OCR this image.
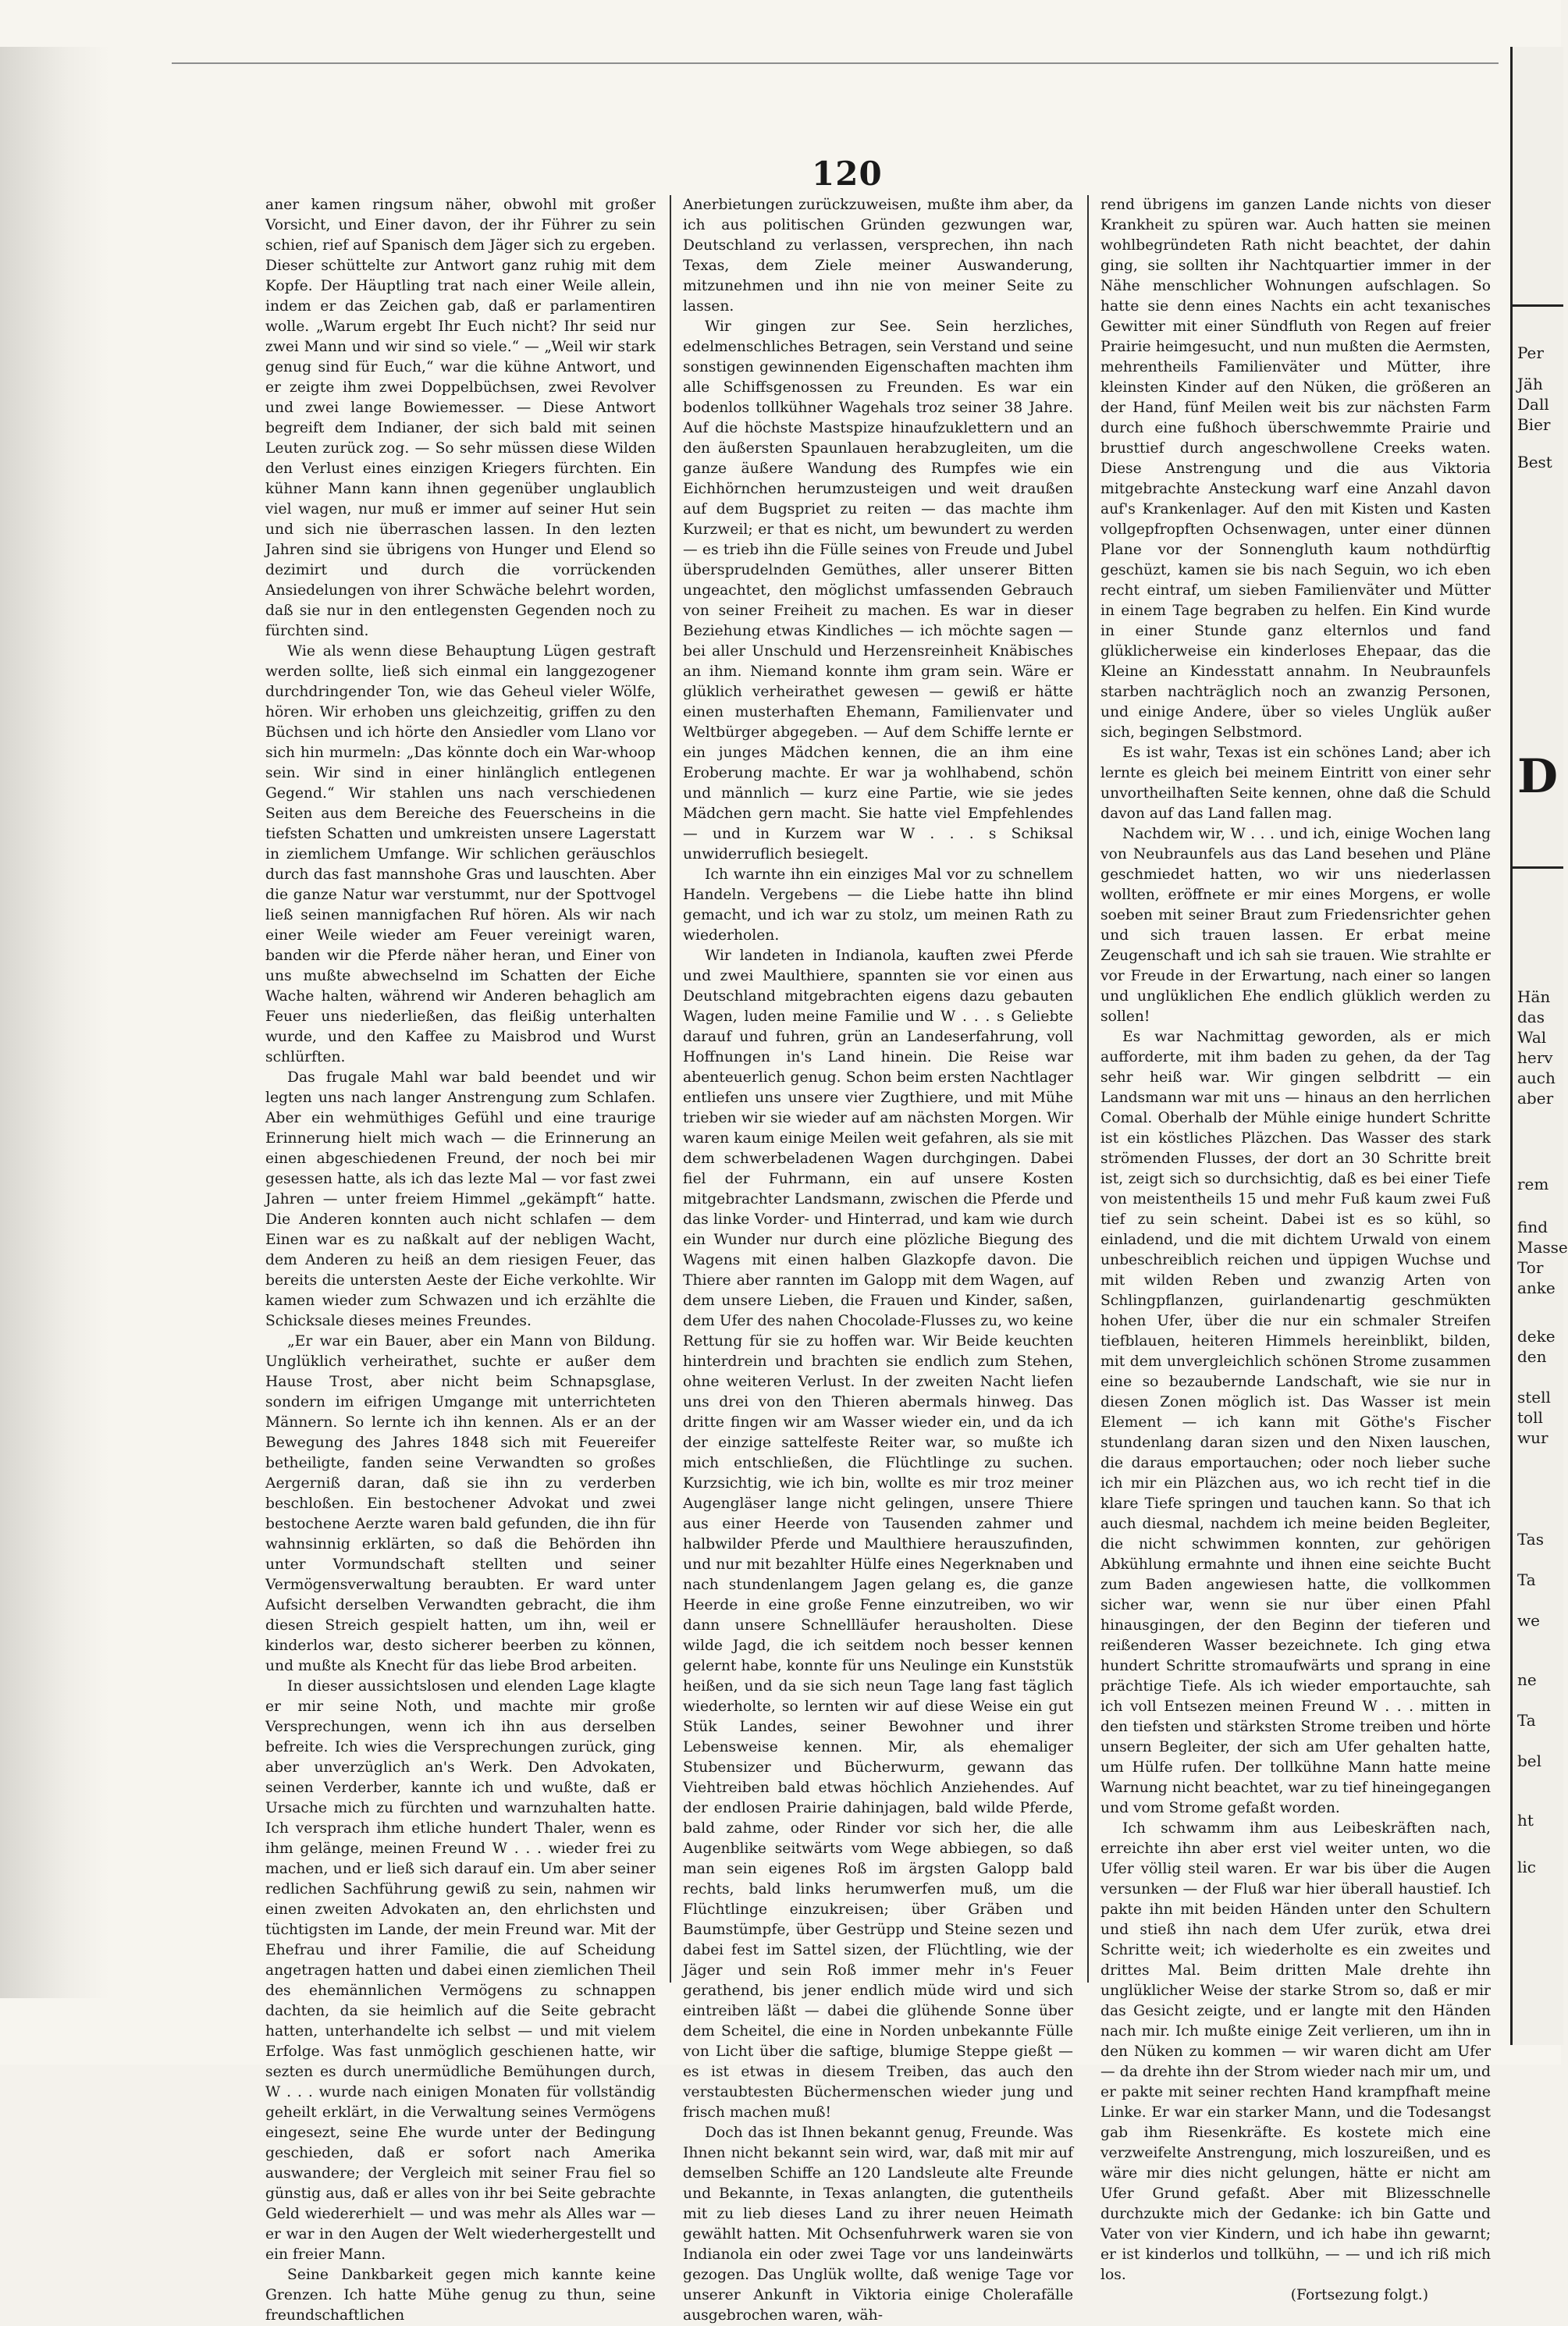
120

aner kamen ringsum näher, obwohl mit großer Vorsicht, und Einer davon, der ihr Führer zu sein schien, rief auf Spanisch dem Jäger sich zu ergeben. Dieser schüttelte zur Antwort ganz ruhig mit dem Kopfe. Der Häuptling trat nach einer Weile allein, indem er das Zeichen gab, daß er parlamentiren wolle. „Warum ergebt Ihr Euch nicht? Ihr seid nur zwei Mann und wir sind so viele.“ — „Weil wir stark genug sind für Euch,“ war die kühne Antwort, und er zeigte ihm zwei Doppelbüchsen, zwei Revolver und zwei lange Bowiemesser. — Diese Antwort begreift dem Indianer, der sich bald mit seinen Leuten zurück zog. — So sehr müssen diese Wilden den Verlust eines einzigen Kriegers fürchten. Ein kühner Mann kann ihnen gegenüber unglaublich viel wagen, nur muß er immer auf seiner Hut sein und sich nie überraschen lassen. In den lezten Jahren sind sie übrigens von Hunger und Elend so dezimirt und durch die vorrückenden Ansiedelungen von ihrer Schwäche belehrt worden, daß sie nur in den entlegensten Gegenden noch zu fürchten sind.

Wie als wenn diese Behauptung Lügen gestraft werden sollte, ließ sich einmal ein langgezogener durchdringender Ton, wie das Geheul vieler Wölfe, hören. Wir erhoben uns gleichzeitig, griffen zu den Büchsen und ich hörte den Ansiedler vom Llano vor sich hin murmeln: „Das könnte doch ein War-whoop sein. Wir sind in einer hinlänglich entlegenen Gegend.“ Wir stahlen uns nach verschiedenen Seiten aus dem Bereiche des Feuerscheins in die tiefsten Schatten und umkreisten unsere Lagerstatt in ziemlichem Umfange. Wir schlichen geräuschlos durch das fast mannshohe Gras und lauschten. Aber die ganze Natur war verstummt, nur der Spottvogel ließ seinen mannigfachen Ruf hören. Als wir nach einer Weile wieder am Feuer vereinigt waren, banden wir die Pferde näher heran, und Einer von uns mußte abwechselnd im Schatten der Eiche Wache halten, während wir Anderen behaglich am Feuer uns niederließen, das fleißig unterhalten wurde, und den Kaffee zu Maisbrod und Wurst schlürften.

Das frugale Mahl war bald beendet und wir legten uns nach langer Anstrengung zum Schlafen. Aber ein wehmüthiges Gefühl und eine traurige Erinnerung hielt mich wach — die Erinnerung an einen abgeschiedenen Freund, der noch bei mir gesessen hatte, als ich das lezte Mal — vor fast zwei Jahren — unter freiem Himmel „gekämpft“ hatte. Die Anderen konnten auch nicht schlafen — dem Einen war es zu naßkalt auf der nebligen Wacht, dem Anderen zu heiß an dem riesigen Feuer, das bereits die untersten Aeste der Eiche verkohlte. Wir kamen wieder zum Schwazen und ich erzählte die Schicksale dieses meines Freundes.

„Er war ein Bauer, aber ein Mann von Bildung. Unglüklich verheirathet, suchte er außer dem Hause Trost, aber nicht beim Schnapsglase, sondern im eifrigen Umgange mit unterrichteten Männern. So lernte ich ihn kennen. Als er an der Bewegung des Jahres 1848 sich mit Feuereifer betheiligte, fanden seine Verwandten so großes Aergerniß daran, daß sie ihn zu verderben beschloßen. Ein bestochener Advokat und zwei bestochene Aerzte waren bald gefunden, die ihn für wahnsinnig erklärten, so daß die Behörden ihn unter Vormundschaft stellten und seiner Vermögensverwaltung beraubten. Er ward unter Aufsicht derselben Verwandten gebracht, die ihm diesen Streich gespielt hatten, um ihn, weil er kinderlos war, desto sicherer beerben zu können, und mußte als Knecht für das liebe Brod arbeiten.

In dieser aussichtslosen und elenden Lage klagte er mir seine Noth, und machte mir große Versprechungen, wenn ich ihn aus derselben befreite. Ich wies die Versprechungen zurück, ging aber unverzüglich an's Werk. Den Advokaten, seinen Verderber, kannte ich und wußte, daß er Ursache mich zu fürchten und warnzuhalten hatte. Ich versprach ihm etliche hundert Thaler, wenn es ihm gelänge, meinen Freund W . . . wieder frei zu machen, und er ließ sich darauf ein. Um aber seiner redlichen Sachführung gewiß zu sein, nahmen wir einen zweiten Advokaten an, den ehrlichsten und tüchtigsten im Lande, der mein Freund war. Mit der Ehefrau und ihrer Familie, die auf Scheidung angetragen hatten und dabei einen ziemlichen Theil des ehemännlichen Vermögens zu schnappen dachten, da sie heimlich auf die Seite gebracht hatten, unterhandelte ich selbst — und mit vielem Erfolge. Was fast unmöglich geschienen hatte, wir sezten es durch unermüdliche Bemühungen durch, W . . . wurde nach einigen Monaten für vollständig geheilt erklärt, in die Verwaltung seines Vermögens eingesezt, seine Ehe wurde unter der Bedingung geschieden, daß er sofort nach Amerika auswandere; der Vergleich mit seiner Frau fiel so günstig aus, daß er alles von ihr bei Seite gebrachte Geld wiedererhielt — und was mehr als Alles war — er war in den Augen der Welt wiederhergestellt und ein freier Mann.

Seine Dankbarkeit gegen mich kannte keine Grenzen. Ich hatte Mühe genug zu thun, seine freundschaftlichen

Anerbietungen zurückzuweisen, mußte ihm aber, da ich aus politischen Gründen gezwungen war, Deutschland zu verlassen, versprechen, ihn nach Texas, dem Ziele meiner Auswanderung, mitzunehmen und ihn nie von meiner Seite zu lassen.

Wir gingen zur See. Sein herzliches, edelmenschliches Betragen, sein Verstand und seine sonstigen gewinnenden Eigenschaften machten ihm alle Schiffsgenossen zu Freunden. Es war ein bodenlos tollkühner Wagehals troz seiner 38 Jahre. Auf die höchste Mastspize hinaufzuklettern und an den äußersten Spaunlauen herabzugleiten, um die ganze äußere Wandung des Rumpfes wie ein Eichhörnchen herumzusteigen und weit draußen auf dem Bugspriet zu reiten — das machte ihm Kurzweil; er that es nicht, um bewundert zu werden — es trieb ihn die Fülle seines von Freude und Jubel übersprudelnden Gemüthes, aller unserer Bitten ungeachtet, den möglichst umfassenden Gebrauch von seiner Freiheit zu machen. Es war in dieser Beziehung etwas Kindliches — ich möchte sagen — bei aller Unschuld und Herzensreinheit Knäbisches an ihm. Niemand konnte ihm gram sein. Wäre er glüklich verheirathet gewesen — gewiß er hätte einen musterhaften Ehemann, Familienvater und Weltbürger abgegeben. — Auf dem Schiffe lernte er ein junges Mädchen kennen, die an ihm eine Eroberung machte. Er war ja wohlhabend, schön und männlich — kurz eine Partie, wie sie jedes Mädchen gern macht. Sie hatte viel Empfehlendes — und in Kurzem war W . . . s Schiksal unwiderruflich besiegelt.

Ich warnte ihn ein einziges Mal vor zu schnellem Handeln. Vergebens — die Liebe hatte ihn blind gemacht, und ich war zu stolz, um meinen Rath zu wiederholen.

Wir landeten in Indianola, kauften zwei Pferde und zwei Maulthiere, spannten sie vor einen aus Deutschland mitgebrachten eigens dazu gebauten Wagen, luden meine Familie und W . . . s Geliebte darauf und fuhren, grün an Landeserfahrung, voll Hoffnungen in's Land hinein. Die Reise war abenteuerlich genug. Schon beim ersten Nachtlager entliefen uns unsere vier Zugthiere, und mit Mühe trieben wir sie wieder auf am nächsten Morgen. Wir waren kaum einige Meilen weit gefahren, als sie mit dem schwerbeladenen Wagen durchgingen. Dabei fiel der Fuhrmann, ein auf unsere Kosten mitgebrachter Landsmann, zwischen die Pferde und das linke Vorder- und Hinterrad, und kam wie durch ein Wunder nur durch eine plözliche Biegung des Wagens mit einen halben Glazkopfe davon. Die Thiere aber rannten im Galopp mit dem Wagen, auf dem unsere Lieben, die Frauen und Kinder, saßen, dem Ufer des nahen Chocolade-Flusses zu, wo keine Rettung für sie zu hoffen war. Wir Beide keuchten hinterdrein und brachten sie endlich zum Stehen, ohne weiteren Verlust. In der zweiten Nacht liefen uns drei von den Thieren abermals hinweg. Das dritte fingen wir am Wasser wieder ein, und da ich der einzige sattelfeste Reiter war, so mußte ich mich entschließen, die Flüchtlinge zu suchen. Kurzsichtig, wie ich bin, wollte es mir troz meiner Augengläser lange nicht gelingen, unsere Thiere aus einer Heerde von Tausenden zahmer und halbwilder Pferde und Maulthiere herauszufinden, und nur mit bezahlter Hülfe eines Negerknaben und nach stundenlangem Jagen gelang es, die ganze Heerde in eine große Fenne einzutreiben, wo wir dann unsere Schnellläufer herausholten. Diese wilde Jagd, die ich seitdem noch besser kennen gelernt habe, konnte für uns Neulinge ein Kunststük heißen, und da sie sich neun Tage lang fast täglich wiederholte, so lernten wir auf diese Weise ein gut Stük Landes, seiner Bewohner und ihrer Lebensweise kennen. Mir, als ehemaliger Stubensizer und Bücherwurm, gewann das Viehtreiben bald etwas höchlich Anziehendes. Auf der endlosen Prairie dahinjagen, bald wilde Pferde, bald zahme, oder Rinder vor sich her, die alle Augenblike seitwärts vom Wege abbiegen, so daß man sein eigenes Roß im ärgsten Galopp bald rechts, bald links herumwerfen muß, um die Flüchtlinge einzukreisen; über Gräben und Baumstümpfe, über Gestrüpp und Steine sezen und dabei fest im Sattel sizen, der Flüchtling, wie der Jäger und sein Roß immer mehr in's Feuer gerathend, bis jener endlich müde wird und sich eintreiben läßt — dabei die glühende Sonne über dem Scheitel, die eine in Norden unbekannte Fülle von Licht über die saftige, blumige Steppe gießt — es ist etwas in diesem Treiben, das auch den verstaubtesten Büchermenschen wieder jung und frisch machen muß!

Doch das ist Ihnen bekannt genug, Freunde. Was Ihnen nicht bekannt sein wird, war, daß mit mir auf demselben Schiffe an 120 Landsleute alte Freunde und Bekannte, in Texas anlangten, die gutentheils mit zu lieb dieses Land zu ihrer neuen Heimath gewählt hatten. Mit Ochsenfuhrwerk waren sie von Indianola ein oder zwei Tage vor uns landeinwärts gezogen. Das Unglük wollte, daß wenige Tage vor unserer Ankunft in Viktoria einige Cholerafälle ausgebrochen waren, wäh-

rend übrigens im ganzen Lande nichts von dieser Krankheit zu spüren war. Auch hatten sie meinen wohlbegründeten Rath nicht beachtet, der dahin ging, sie sollten ihr Nachtquartier immer in der Nähe menschlicher Wohnungen aufschlagen. So hatte sie denn eines Nachts ein acht texanisches Gewitter mit einer Sündfluth von Regen auf freier Prairie heimgesucht, und nun mußten die Aermsten, mehrentheils Familienväter und Mütter, ihre kleinsten Kinder auf den Nüken, die größeren an der Hand, fünf Meilen weit bis zur nächsten Farm durch eine fußhoch überschwemmte Prairie und brusttief durch angeschwollene Creeks waten. Diese Anstrengung und die aus Viktoria mitgebrachte Ansteckung warf eine Anzahl davon auf's Krankenlager. Auf den mit Kisten und Kasten vollgepfropften Ochsenwagen, unter einer dünnen Plane vor der Sonnengluth kaum nothdürftig geschüzt, kamen sie bis nach Seguin, wo ich eben recht eintraf, um sieben Familienväter und Mütter in einem Tage begraben zu helfen. Ein Kind wurde in einer Stunde ganz elternlos und fand glüklicherweise ein kinderloses Ehepaar, das die Kleine an Kindesstatt annahm. In Neubraunfels starben nachträglich noch an zwanzig Personen, und einige Andere, über so vieles Unglük außer sich, begingen Selbstmord.

Es ist wahr, Texas ist ein schönes Land; aber ich lernte es gleich bei meinem Eintritt von einer sehr unvortheilhaften Seite kennen, ohne daß die Schuld davon auf das Land fallen mag.

Nachdem wir, W . . . und ich, einige Wochen lang von Neubraunfels aus das Land besehen und Pläne geschmiedet hatten, wo wir uns niederlassen wollten, eröffnete er mir eines Morgens, er wolle soeben mit seiner Braut zum Friedensrichter gehen und sich trauen lassen. Er erbat meine Zeugenschaft und ich sah sie trauen. Wie strahlte er vor Freude in der Erwartung, nach einer so langen und unglüklichen Ehe endlich glüklich werden zu sollen!

Es war Nachmittag geworden, als er mich aufforderte, mit ihm baden zu gehen, da der Tag sehr heiß war. Wir gingen selbdritt — ein Landsmann war mit uns — hinaus an den herrlichen Comal. Oberhalb der Mühle einige hundert Schritte ist ein köstliches Pläzchen. Das Wasser des stark strömenden Flusses, der dort an 30 Schritte breit ist, zeigt sich so durchsichtig, daß es bei einer Tiefe von meistentheils 15 und mehr Fuß kaum zwei Fuß tief zu sein scheint. Dabei ist es so kühl, so einladend, und die mit dichtem Urwald von einem unbeschreiblich reichen und üppigen Wuchse und mit wilden Reben und zwanzig Arten von Schlingpflanzen, guirlandenartig geschmükten hohen Ufer, über die nur ein schmaler Streifen tiefblauen, heiteren Himmels hereinblikt, bilden, mit dem unvergleichlich schönen Strome zusammen eine so bezaubernde Landschaft, wie sie nur in diesen Zonen möglich ist. Das Wasser ist mein Element — ich kann mit Göthe's Fischer stundenlang daran sizen und den Nixen lauschen, die daraus emportauchen; oder noch lieber suche ich mir ein Pläzchen aus, wo ich recht tief in die klare Tiefe springen und tauchen kann. So that ich auch diesmal, nachdem ich meine beiden Begleiter, die nicht schwimmen konnten, zur gehörigen Abkühlung ermahnte und ihnen eine seichte Bucht zum Baden angewiesen hatte, die vollkommen sicher war, wenn sie nur über einen Pfahl hinausgingen, der den Beginn der tieferen und reißenderen Wasser bezeichnete. Ich ging etwa hundert Schritte stromaufwärts und sprang in eine prächtige Tiefe. Als ich wieder emportauchte, sah ich voll Entsezen meinen Freund W . . . mitten in den tiefsten und stärksten Strome treiben und hörte unsern Begleiter, der sich am Ufer gehalten hatte, um Hülfe rufen. Der tollkühne Mann hatte meine Warnung nicht beachtet, war zu tief hineingegangen und vom Strome gefaßt worden.

Ich schwamm ihm aus Leibeskräften nach, erreichte ihn aber erst viel weiter unten, wo die Ufer völlig steil waren. Er war bis über die Augen versunken — der Fluß war hier überall haustief. Ich pakte ihn mit beiden Händen unter den Schultern und stieß ihn nach dem Ufer zurük, etwa drei Schritte weit; ich wiederholte es ein zweites und drittes Mal. Beim dritten Male drehte ihn unglüklicher Weise der starke Strom so, daß er mir das Gesicht zeigte, und er langte mit den Händen nach mir. Ich mußte einige Zeit verlieren, um ihn in den Nüken zu kommen — wir waren dicht am Ufer — da drehte ihn der Strom wieder nach mir um, und er pakte mit seiner rechten Hand krampfhaft meine Linke. Er war ein starker Mann, und die Todesangst gab ihm Riesenkräfte. Es kostete mich eine verzweifelte Anstrengung, mich loszureißen, und es wäre mir dies nicht gelungen, hätte er nicht am Ufer Grund gefaßt. Aber mit Blizesschnelle durchzukte mich der Gedanke: ich bin Gatte und Vater von vier Kindern, und ich habe ihn gewarnt; er ist kinderlos und tollkühn, — — und ich riß mich los.

(Fortsezung folgt.)

Per
Jäh
Dall
Bier
Best
D
Hän
das
Wal
herv
auch
aber
rem
find
Masse
Tor
anke
deke
den
stell
toll
wur
Tas
Ta
we
ne
Ta
bel
ht
lic
